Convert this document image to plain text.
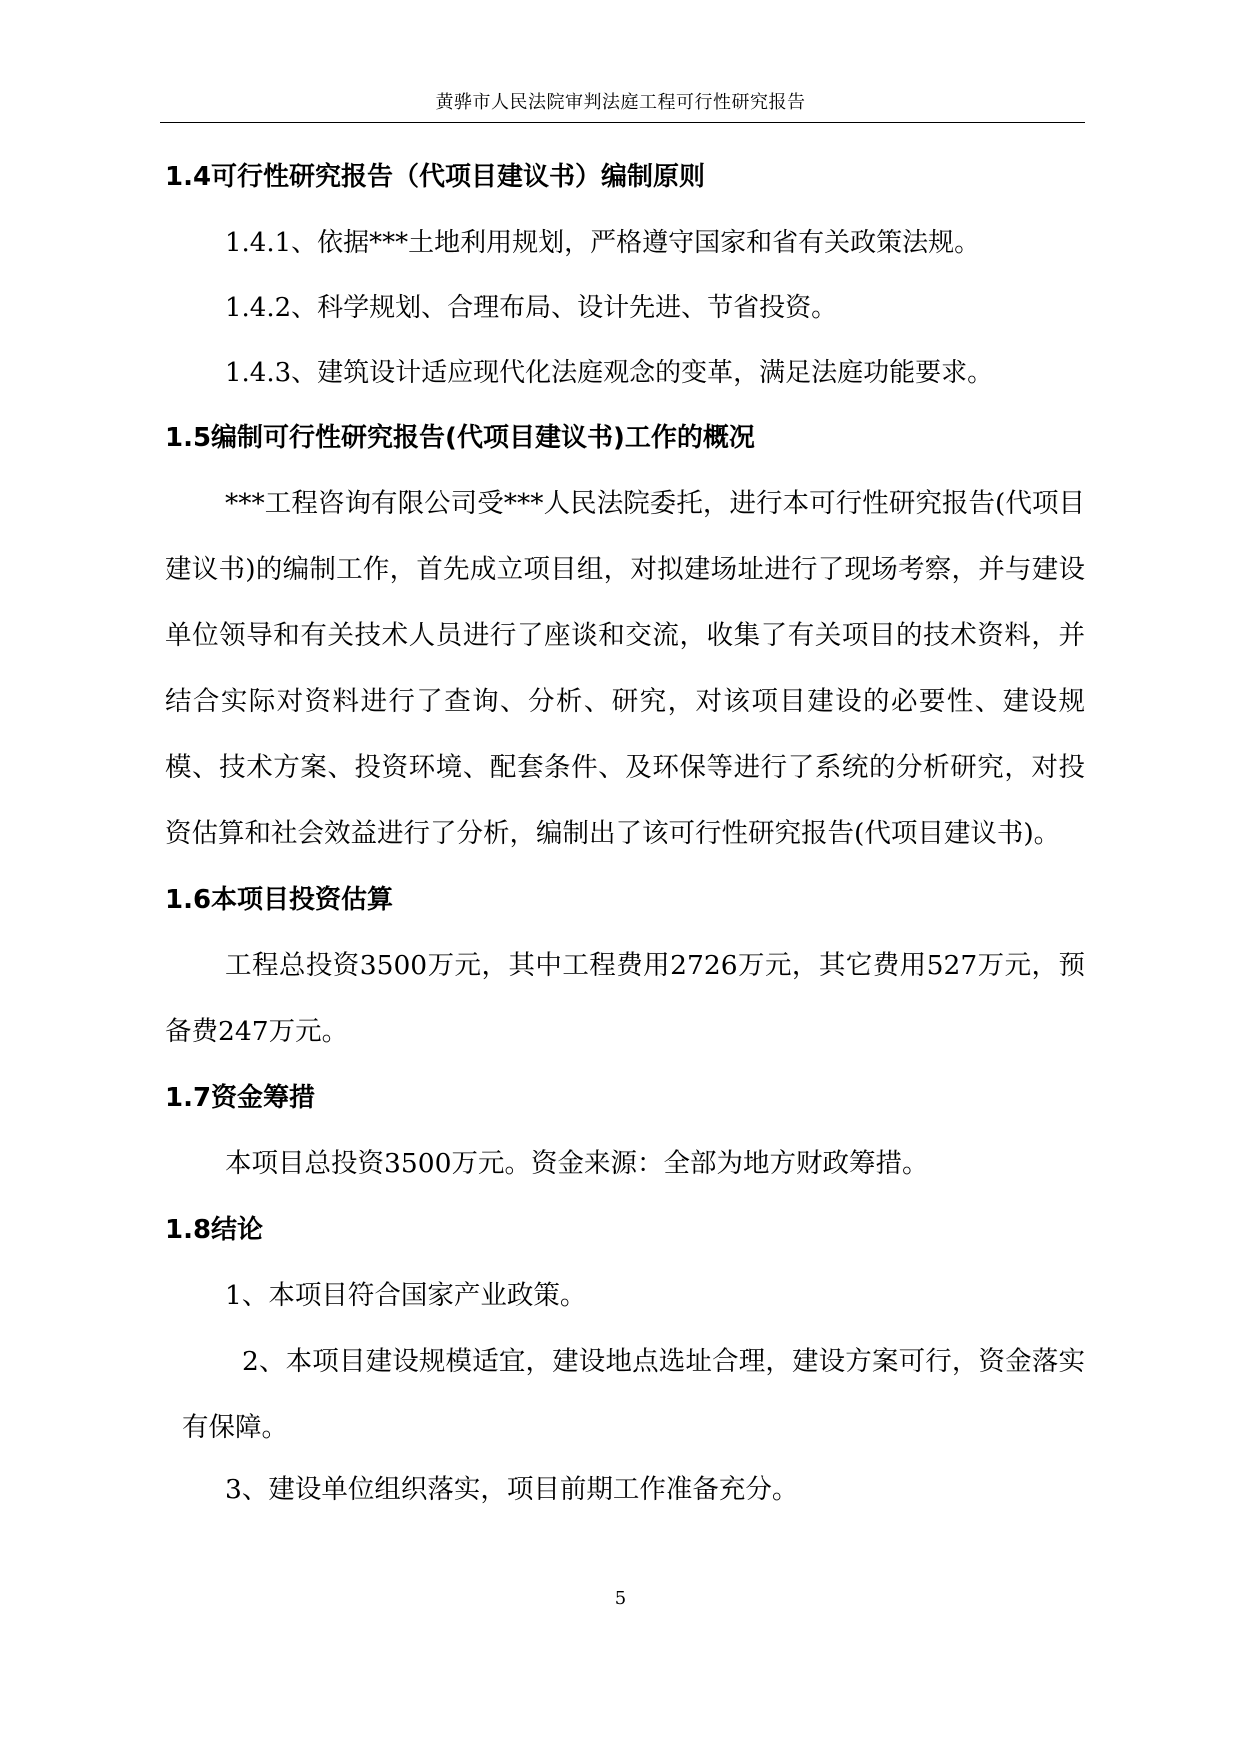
黄骅市人民法院审判法庭工程可行性研究报告
1.4可行性研究报告（代项目建议书）编制原则
1.4.1、依据***土地利用规划，严格遵守国家和省有关政策法规。
1.4.2、科学规划、合理布局、设计先进、节省投资。
1.4.3、建筑设计适应现代化法庭观念的变革，满足法庭功能要求。
1.5编制可行性研究报告(代项目建议书)工作的概况
***工程咨询有限公司受***人民法院委托，进行本可行性研究报告(代项目建议书)的编制工作，首先成立项目组，对拟建场址进行了现场考察，并与建设单位领导和有关技术人员进行了座谈和交流，收集了有关项目的技术资料，并结合实际对资料进行了查询、分析、研究，对该项目建设的必要性、建设规模、技术方案、投资环境、配套条件、及环保等进行了系统的分析研究，对投资估算和社会效益进行了分析，编制出了该可行性研究报告(代项目建议书)。
1.6本项目投资估算
工程总投资3500万元，其中工程费用2726万元，其它费用527万元，预备费247万元。
1.7资金筹措
本项目总投资3500万元。资金来源：全部为地方财政筹措。
1.8结论
1、本项目符合国家产业政策。
2、本项目建设规模适宜，建设地点选址合理，建设方案可行，资金落实有保障。
3、建设单位组织落实，项目前期工作准备充分。
5
